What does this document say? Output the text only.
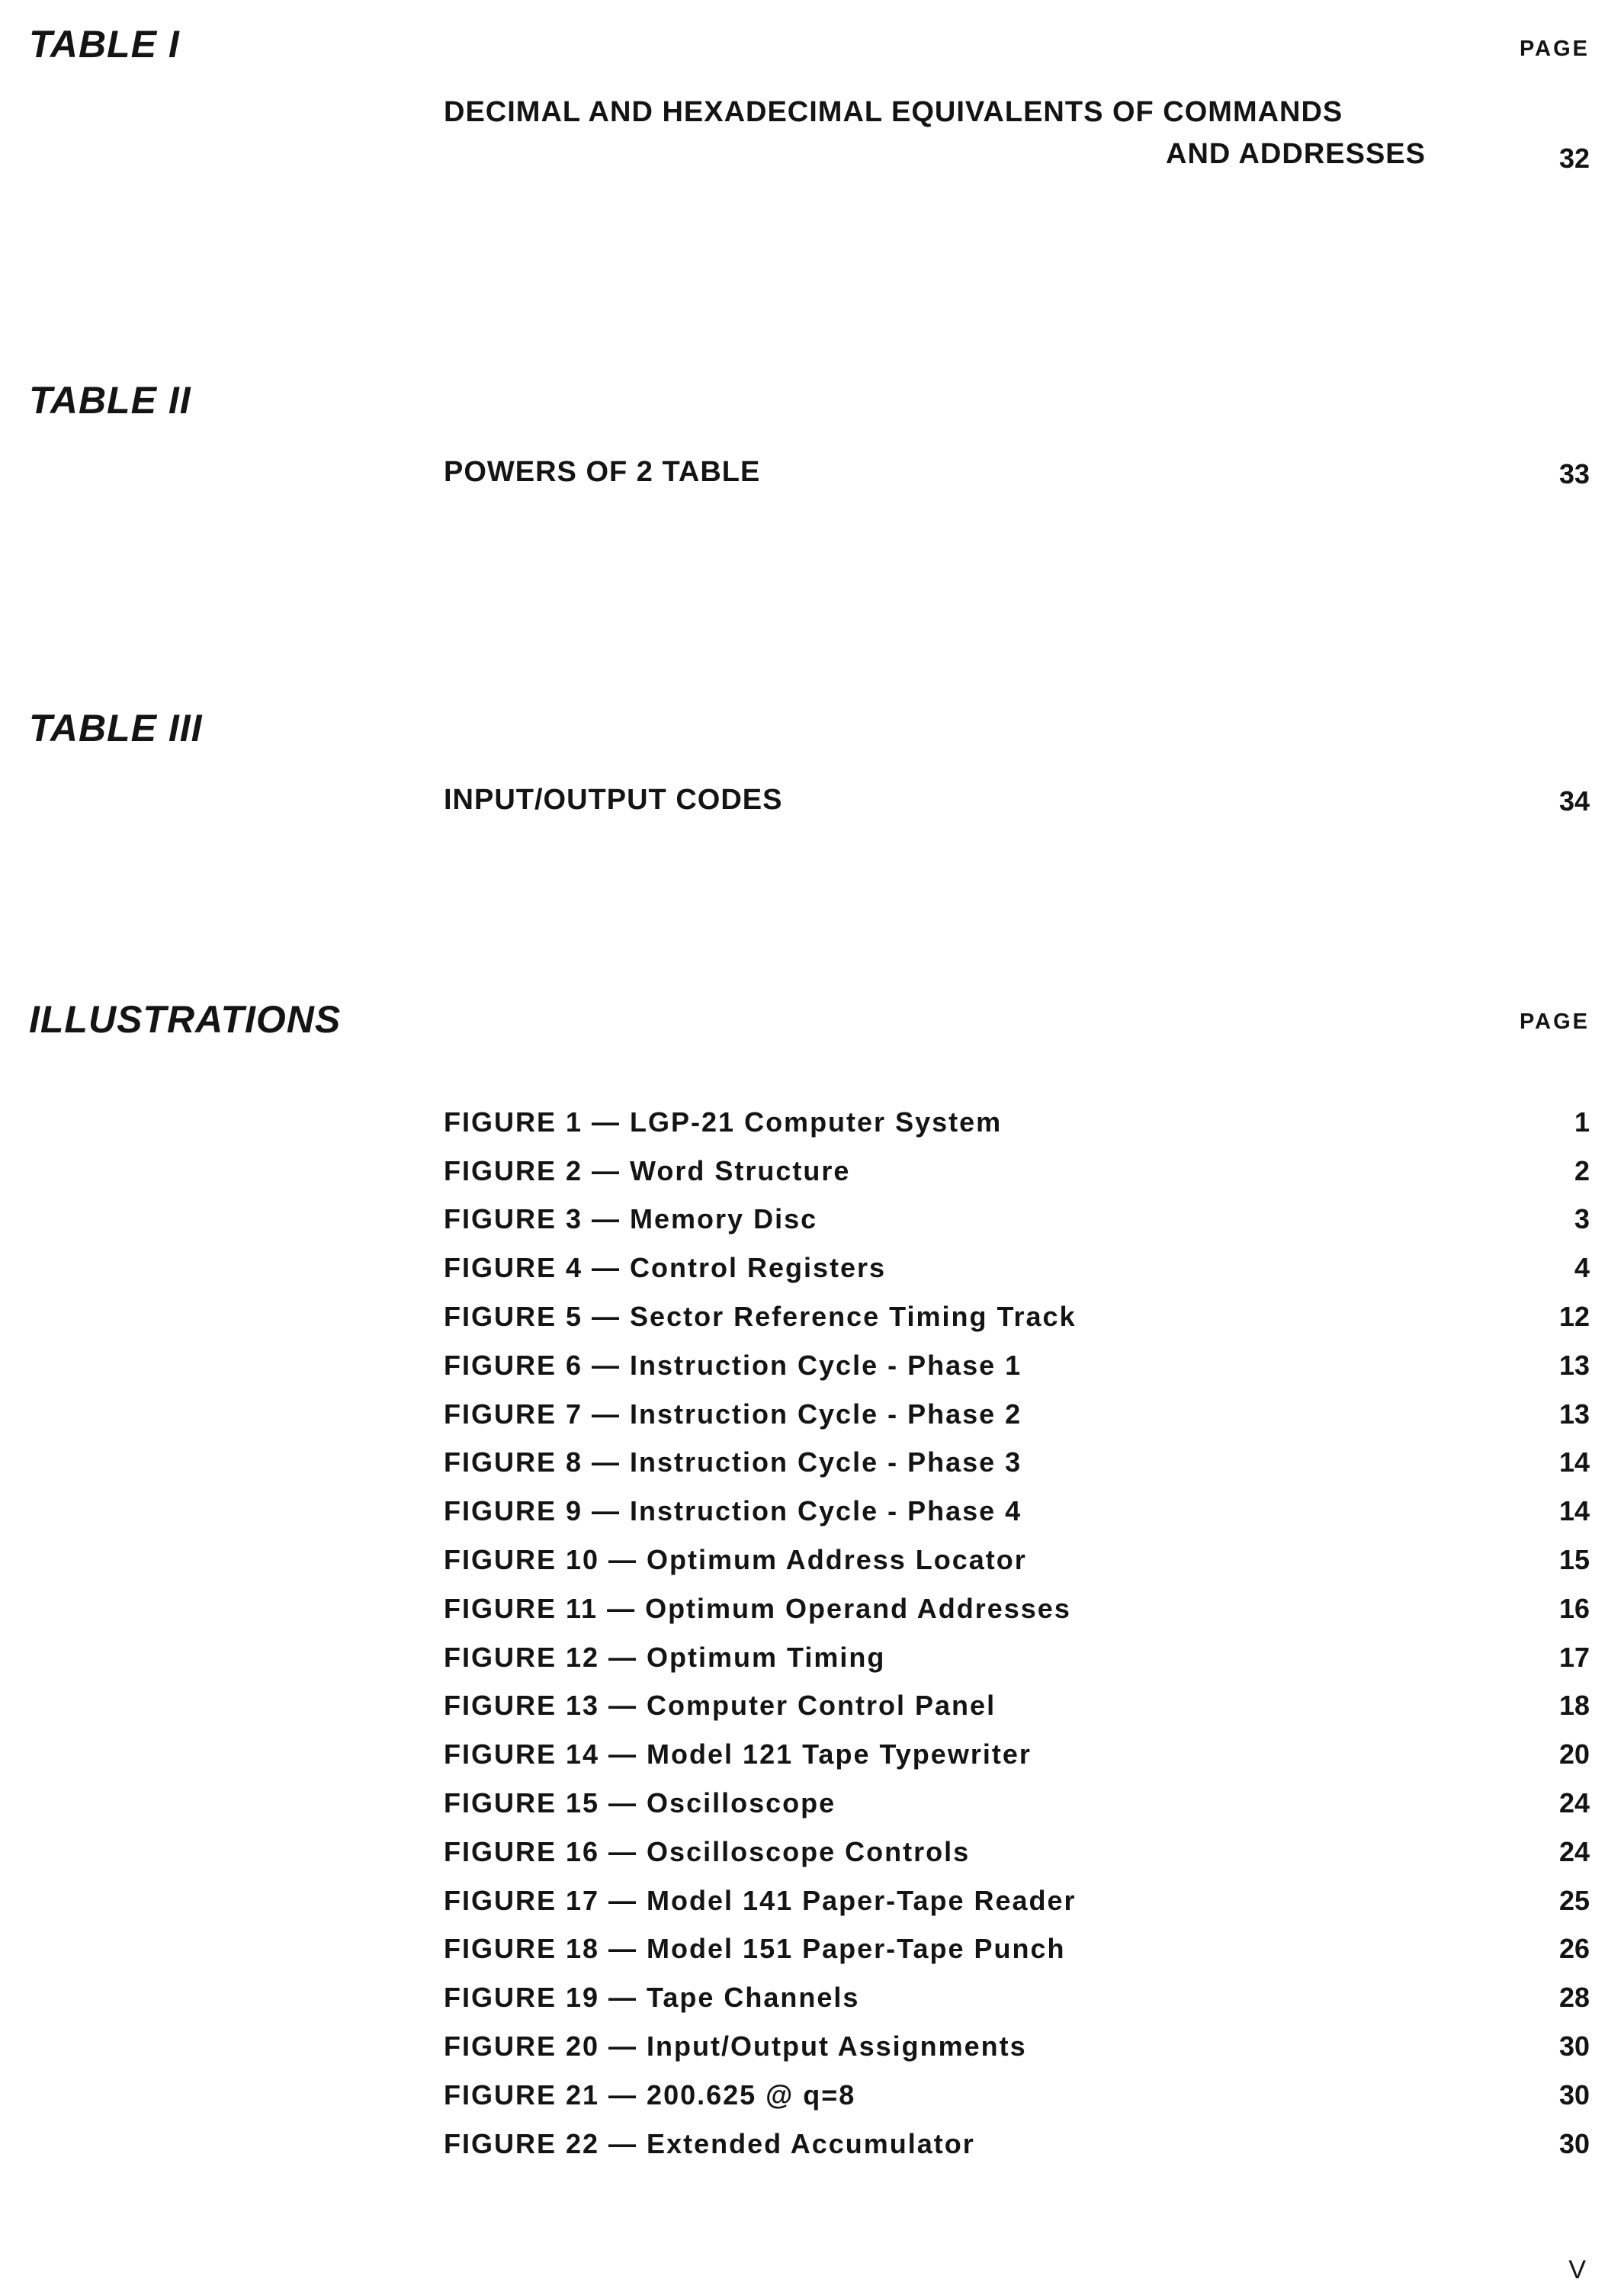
TABLE I	PAGE
DECIMAL AND HEXADECIMAL EQUIVALENTS OF COMMANDS
AND ADDRESSES	32
TABLE II
POWERS OF 2 TABLE	33
TABLE III
INPUT/OUTPUT CODES	34
ILLUSTRATIONS	PAGE
FIGURE 1 — LGP-21 Computer System	1
FIGURE 2 — Word Structure	2
FIGURE 3 — Memory Disc	3
FIGURE 4 — Control Registers	4
FIGURE 5 — Sector Reference Timing Track	12
FIGURE 6 — Instruction Cycle - Phase 1	13
FIGURE 7 — Instruction Cycle - Phase 2	13
FIGURE 8 — Instruction Cycle - Phase 3	14
FIGURE 9 — Instruction Cycle - Phase 4	14
FIGURE 10 — Optimum Address Locator	15
FIGURE 11 — Optimum Operand Addresses	16
FIGURE 12 — Optimum Timing	17
FIGURE 13 — Computer Control Panel	18
FIGURE 14 — Model 121 Tape Typewriter	20
FIGURE 15 — Oscilloscope	24
FIGURE 16 — Oscilloscope Controls	24
FIGURE 17 — Model 141 Paper-Tape Reader	25
FIGURE 18 — Model 151 Paper-Tape Punch	26
FIGURE 19 — Tape Channels	28
FIGURE 20 — Input/Output Assignments	30
FIGURE 21 — 200.625 @ q=8	30
FIGURE 22 — Extended Accumulator	30
V
